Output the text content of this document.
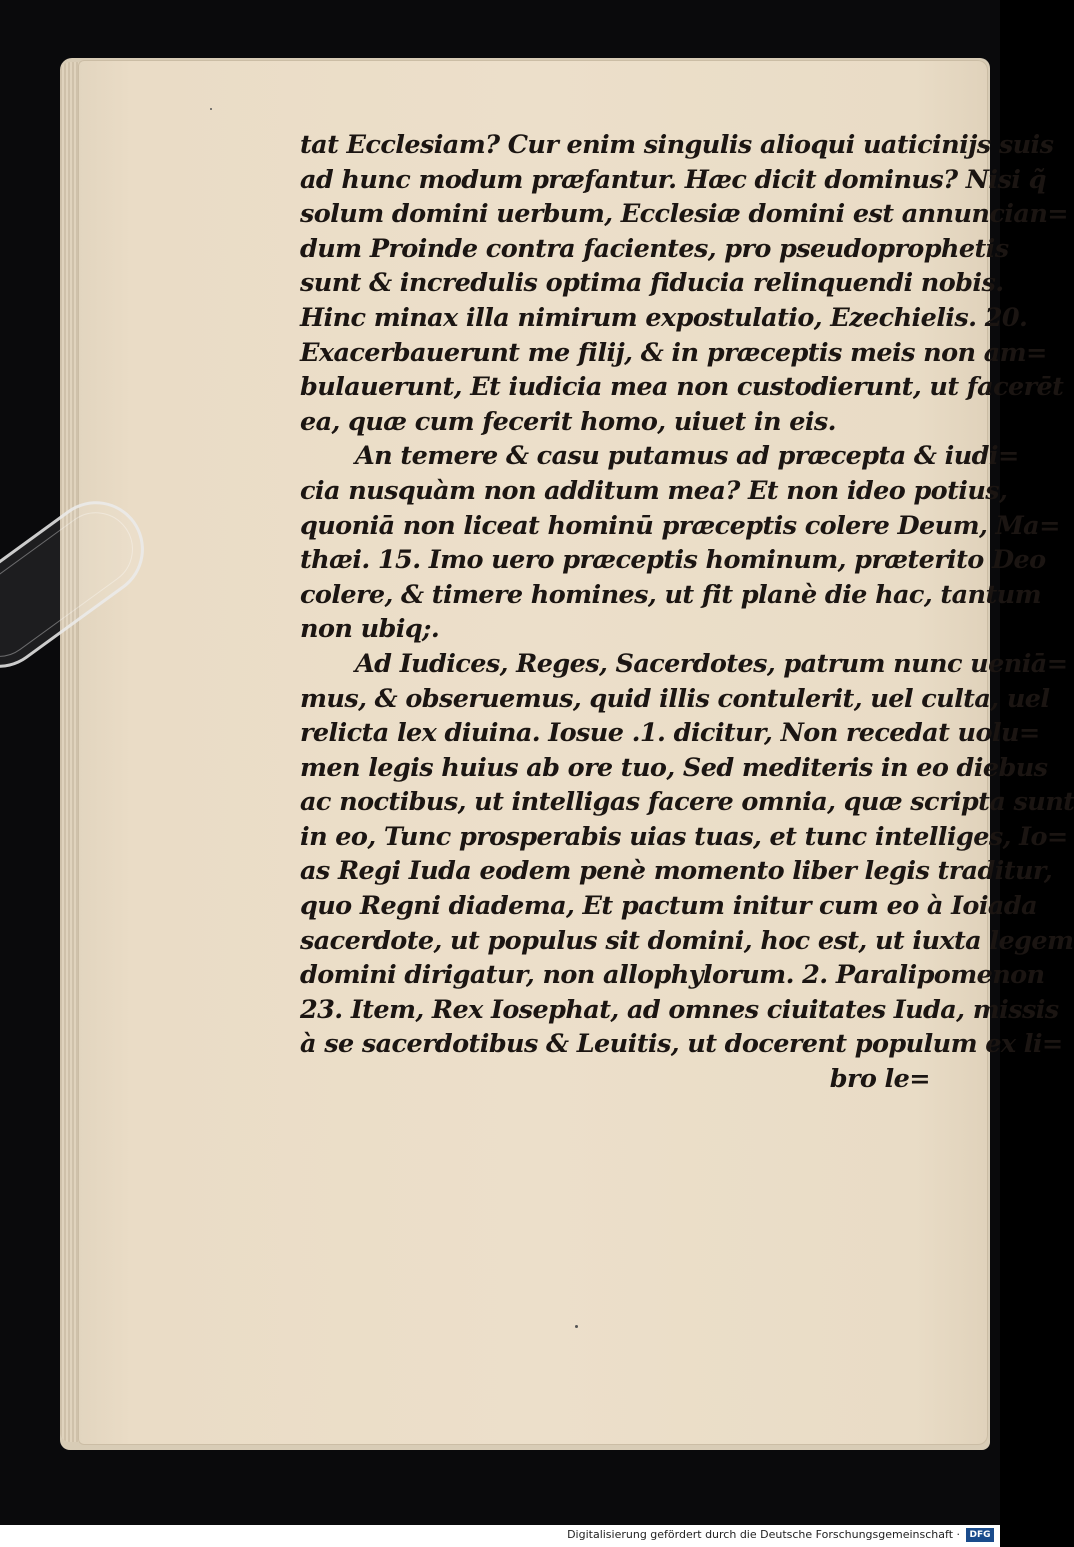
tat Ecclesiam? Cur enim singulis alioqui uaticinijs suis
ad hunc modum præfantur. Hæc dicit dominus? Nisi q̃
solum domini uerbum, Ecclesiæ domini est annuncian=
dum Proinde contra facientes, pro pseudoprophetis
sunt & incredulis optima fiducia relinquendi nobis.
Hinc minax illa nimirum expostulatio, Ezechielis. 20.
Exacerbauerunt me filij, & in præceptis meis non am=
bulauerunt, Et iudicia mea non custodierunt, ut facerēt
ea, quæ cum fecerit homo, uiuet in eis.
An temere & casu putamus ad præcepta & iudi=
cia nusquàm non additum mea? Et non ideo potius,
quoniā non liceat hominū præceptis colere Deum, Ma=
thæi. 15. Imo uero præceptis hominum, præterito Deo
colere, & timere homines, ut fit planè die hac, tantum
non ubiq;.
Ad Iudices, Reges, Sacerdotes, patrum nunc ueniā=
mus, & obseruemus, quid illis contulerit, uel culta, uel
relicta lex diuina. Iosue .1. dicitur, Non recedat uolu=
men legis huius ab ore tuo, Sed mediteris in eo diebus
ac noctibus, ut intelligas facere omnia, quæ scripta sunt
in eo, Tunc prosperabis uias tuas, et tunc intelliges, Io=
as Regi Iuda eodem penè momento liber legis traditur,
quo Regni diadema, Et pactum initur cum eo à Ioiada
sacerdote, ut populus sit domini, hoc est, ut iuxta legem
domini dirigatur, non allophylorum. 2. Paralipomenon
23. Item, Rex Iosephat, ad omnes ciuitates Iuda, missis
à se sacerdotibus & Leuitis, ut docerent populum ex li=
bro le=
Digitalisierung gefördert durch die Deutsche Forschungsgemeinschaft ·	DFG
